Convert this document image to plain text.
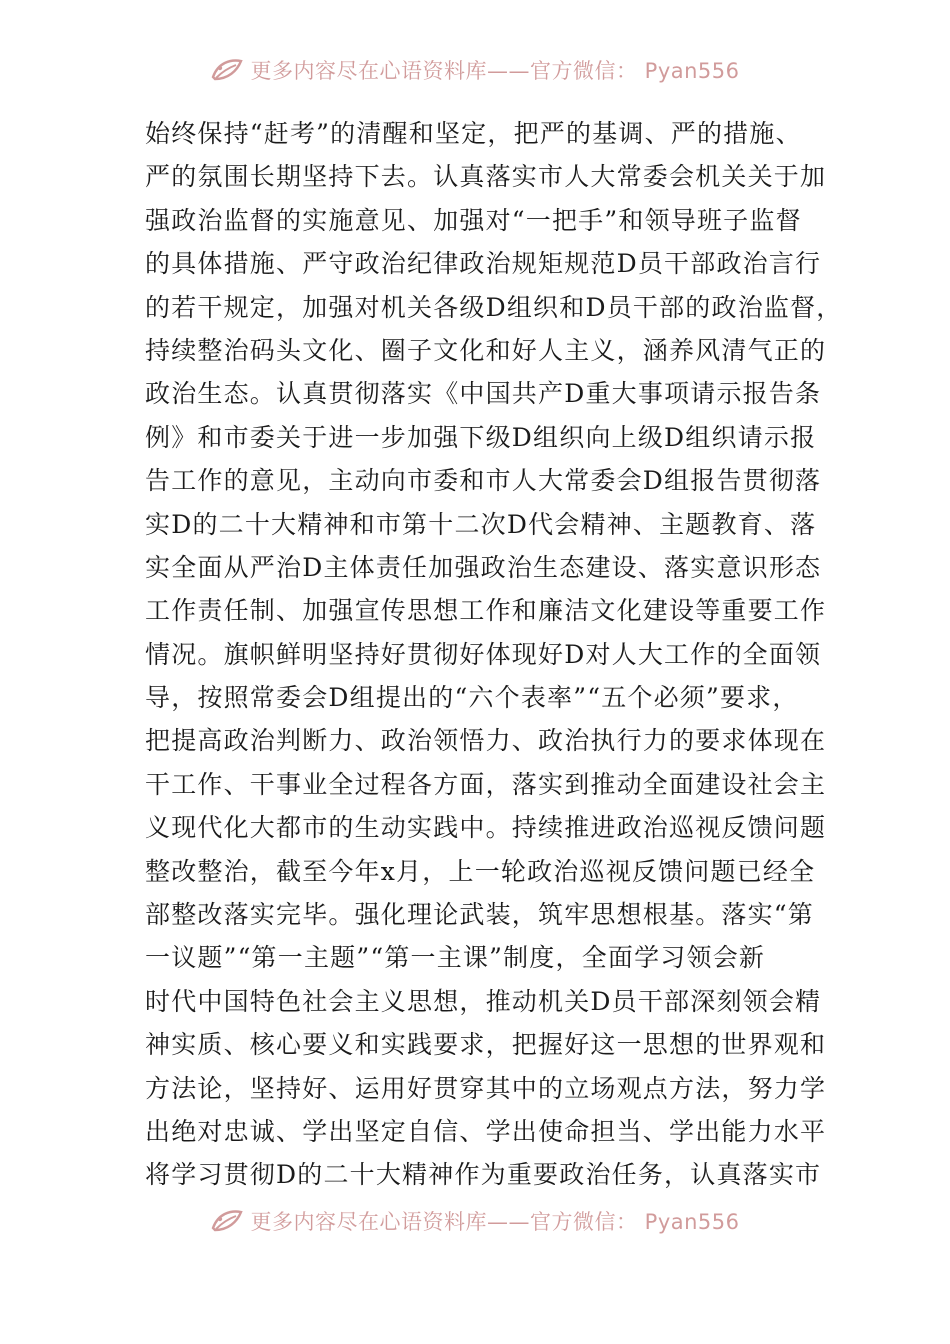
更多内容尽在心语资料库——官方微信： Pyan556
始终保持“赶考”的清醒和坚定，把严的基调、严的措施、
严的氛围长期坚持下去。认真落实市人大常委会机关关于加
强政治监督的实施意见、加强对“一把手”和领导班子监督
的具体措施、严守政治纪律政治规矩规范D员干部政治言行
的若干规定，加强对机关各级D组织和D员干部的政治监督，
持续整治码头文化、圈子文化和好人主义，涵养风清气正的
政治生态。认真贯彻落实《中国共产D重大事项请示报告条
例》和市委关于进一步加强下级D组织向上级D组织请示报
告工作的意见，主动向市委和市人大常委会D组报告贯彻落
实D的二十大精神和市第十二次D代会精神、主题教育、落
实全面从严治D主体责任加强政治生态建设、落实意识形态
工作责任制、加强宣传思想工作和廉洁文化建设等重要工作
情况。旗帜鲜明坚持好贯彻好体现好D对人大工作的全面领
导，按照常委会D组提出的“六个表率”“五个必须”要求，
把提高政治判断力、政治领悟力、政治执行力的要求体现在
干工作、干事业全过程各方面，落实到推动全面建设社会主
义现代化大都市的生动实践中。持续推进政治巡视反馈问题
整改整治，截至今年x月，上一轮政治巡视反馈问题已经全
部整改落实完毕。强化理论武装，筑牢思想根基。落实“第
一议题”“第一主题”“第一主课”制度，全面学习领会新
时代中国特色社会主义思想，推动机关D员干部深刻领会精
神实质、核心要义和实践要求，把握好这一思想的世界观和
方法论，坚持好、运用好贯穿其中的立场观点方法，努力学
出绝对忠诚、学出坚定自信、学出使命担当、学出能力水平
将学习贯彻D的二十大精神作为重要政治任务，认真落实市
更多内容尽在心语资料库——官方微信： Pyan556
